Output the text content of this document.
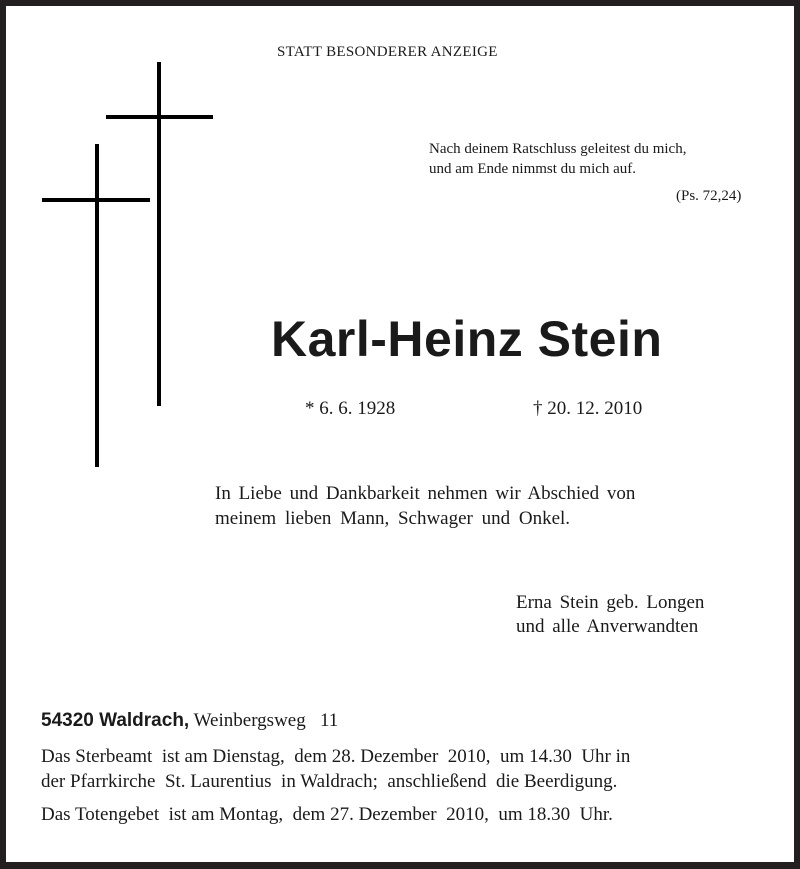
STATT BESONDERER ANZEIGE
Nach deinem Ratschluss geleitest du mich,
und am Ende nimmst du mich auf.
(Ps. 72,24)
Karl-Heinz Stein
* 6. 6. 1928	† 20. 12. 2010
In Liebe und Dankbarkeit nehmen wir Abschied von
meinem lieben Mann, Schwager und Onkel.
Erna Stein geb. Longen
und alle Anverwandten
54320 Waldrach, Weinbergsweg   11
Das Sterbeamt  ist am Dienstag,  dem 28. Dezember  2010,  um 14.30  Uhr in
der Pfarrkirche  St. Laurentius  in Waldrach;  anschließend  die Beerdigung.
Das Totengebet  ist am Montag,  dem 27. Dezember  2010,  um 18.30  Uhr.
